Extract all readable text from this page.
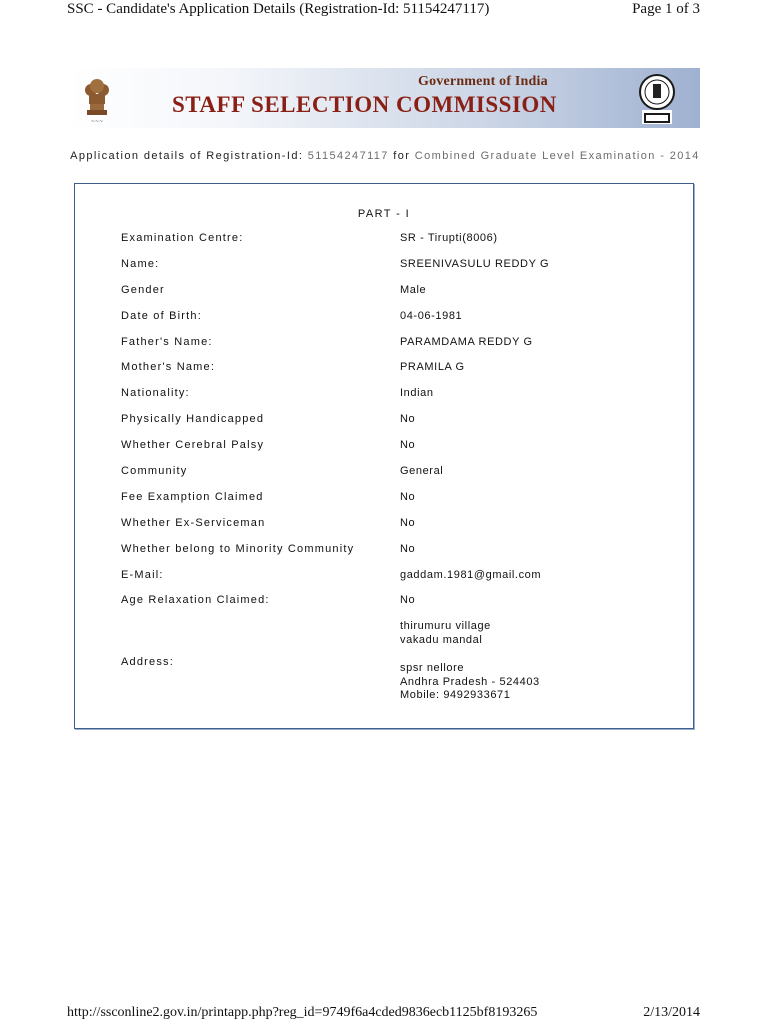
SSC - Candidate's Application Details (Registration-Id: 51154247117)	Page 1 of 3
~~~
Government of India
STAFF SELECTION COMMISSION
Application details of Registration-Id: 51154247117 for Combined Graduate Level Examination - 2014
PART - I
Examination Centre:	SR - Tirupti(8006)
Name:	SREENIVASULU REDDY G
Gender	Male
Date of Birth:	04-06-1981
Father's Name:	PARAMDAMA REDDY G
Mother's Name:	PRAMILA G
Nationality:	Indian
Physically Handicapped	No
Whether Cerebral Palsy	No
Community	General
Fee Examption Claimed	No
Whether Ex-Serviceman	No
Whether belong to Minority Community	No
E-Mail:	gaddam.1981@gmail.com
Age Relaxation Claimed:	No
Address:
thirumuru village
vakadu mandal
spsr nellore
Andhra Pradesh - 524403
Mobile: 9492933671
http://ssconline2.gov.in/printapp.php?reg_id=9749f6a4cded9836ecb1125bf8193265	2/13/2014
